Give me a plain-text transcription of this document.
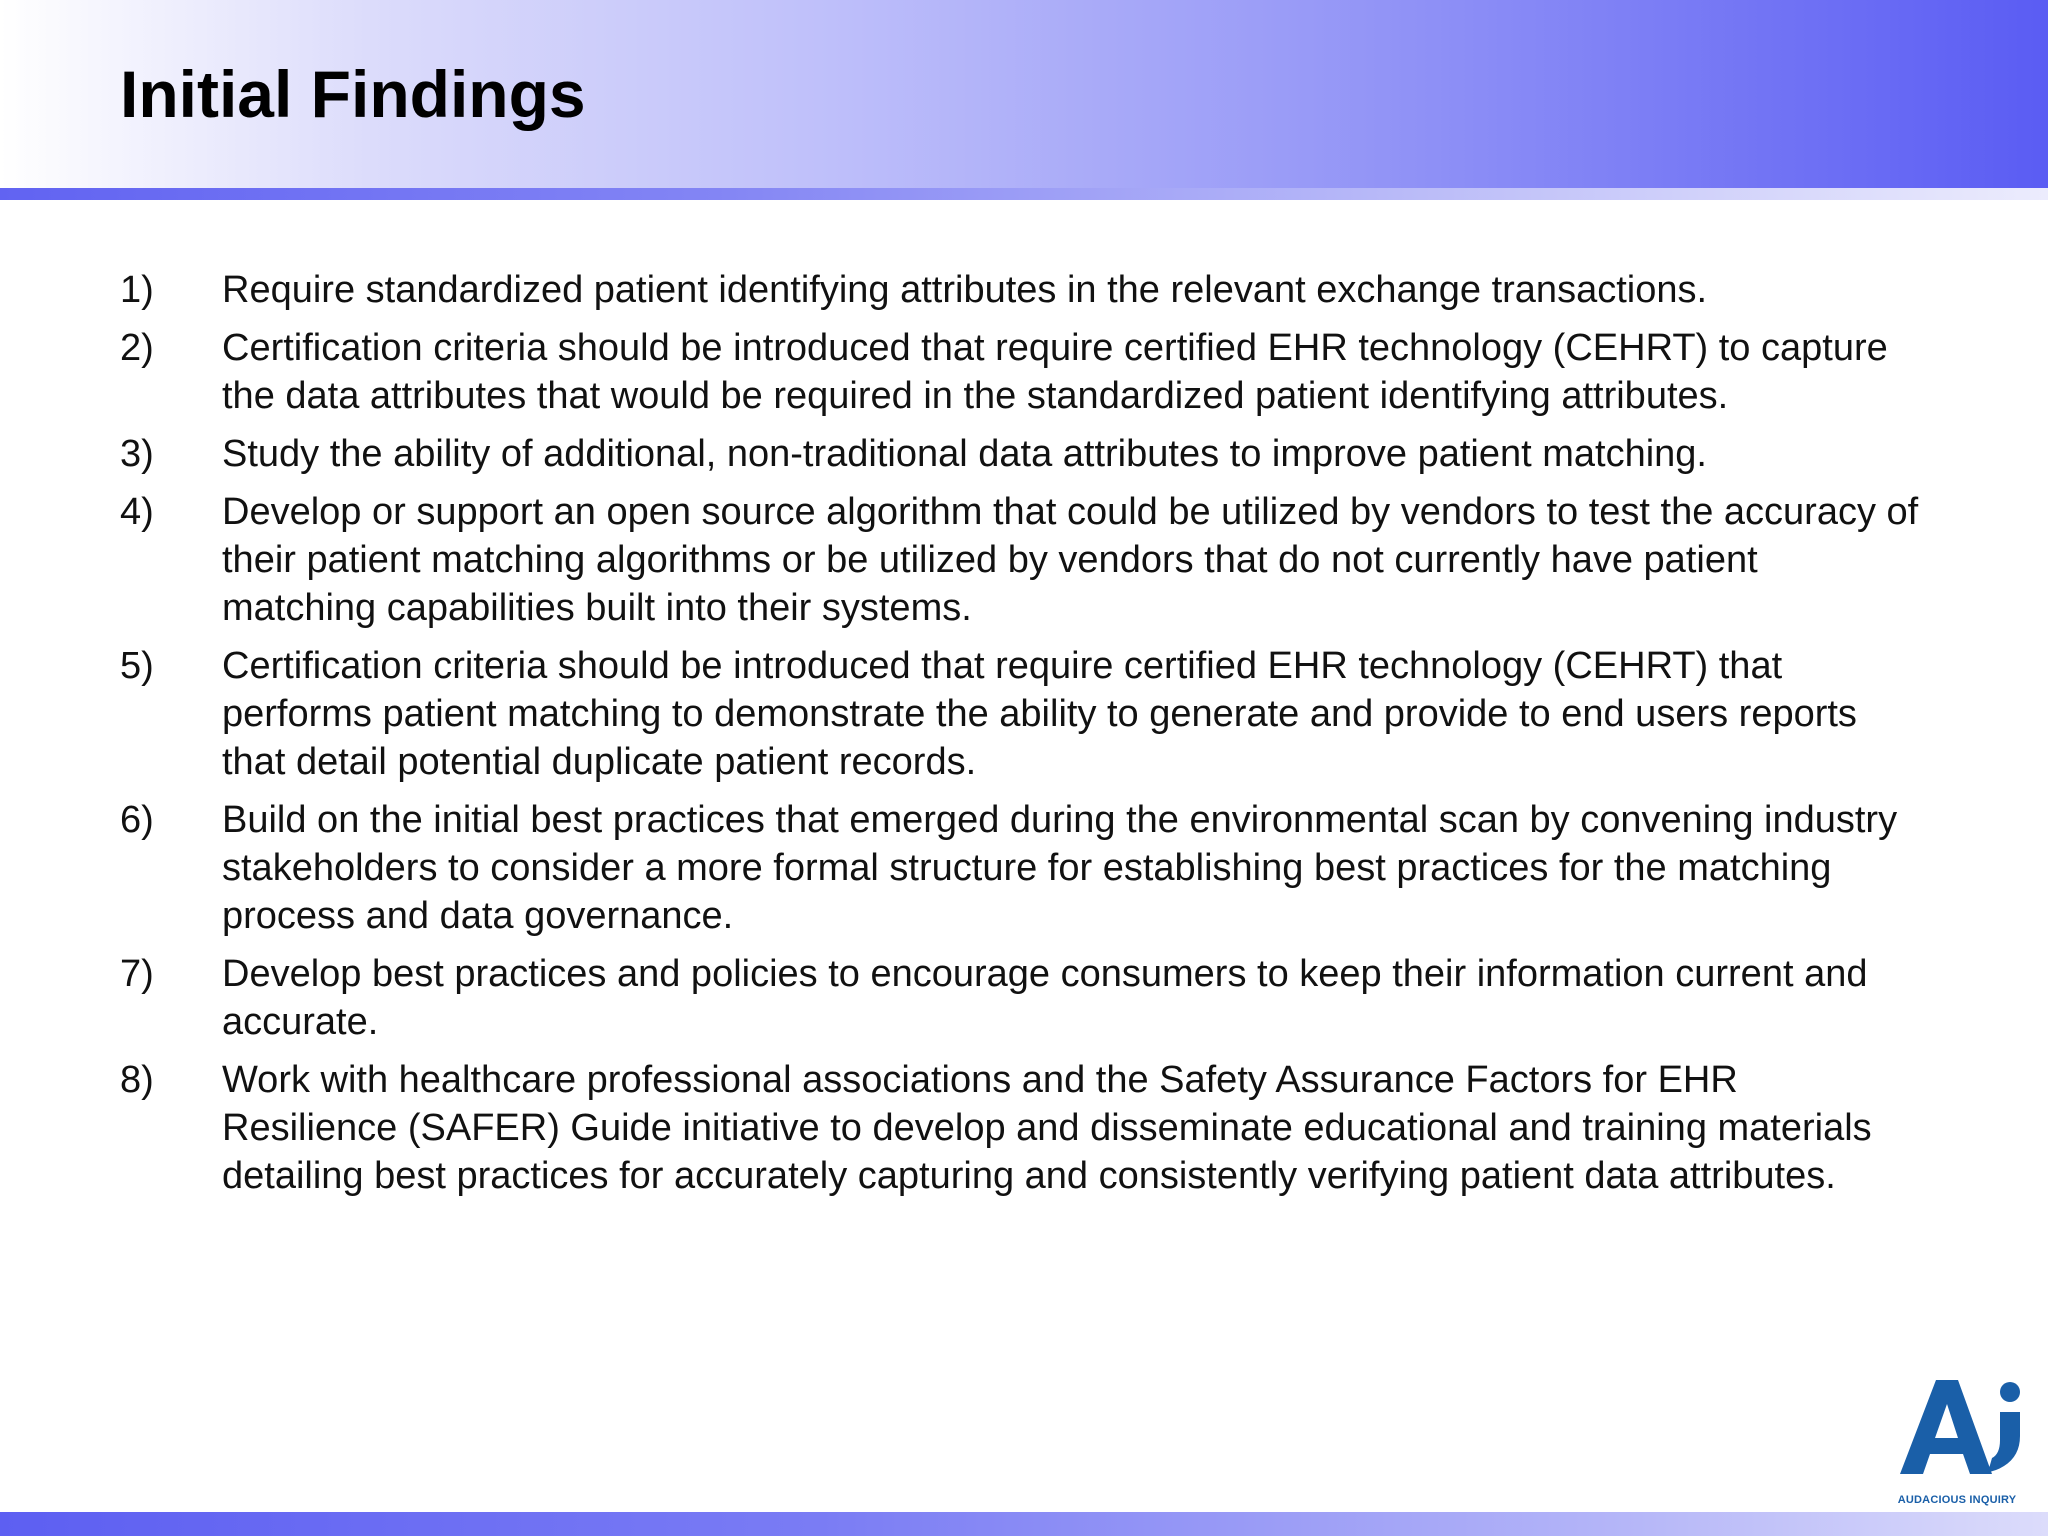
Initial Findings
1)	Require standardized patient identifying attributes in the relevant exchange transactions.
2)	Certification criteria should be introduced that require certified EHR technology (CEHRT) to capture the data attributes that would be required in the standardized patient identifying attributes.
3)	Study the ability of additional, non-traditional data attributes to improve patient matching.
4)	Develop or support an open source algorithm that could be utilized by vendors to test the accuracy of their patient matching algorithms or be utilized by vendors that do not currently have patient matching capabilities built into their systems.
5)	Certification criteria should be introduced that require certified EHR technology (CEHRT) that performs patient matching to demonstrate the ability to generate and provide to end users reports that detail potential duplicate patient records.
6)	Build on the initial best practices that emerged during the environmental scan by convening industry stakeholders to consider a more formal structure for establishing best practices for the matching process and data governance.
7)	Develop best practices and policies to encourage consumers to keep their information current and accurate.
8)	Work with healthcare professional associations and the Safety Assurance Factors for EHR Resilience (SAFER) Guide initiative to develop and disseminate educational and training materials detailing best practices for accurately capturing and consistently verifying patient data attributes.
AUDACIOUS INQUIRY
